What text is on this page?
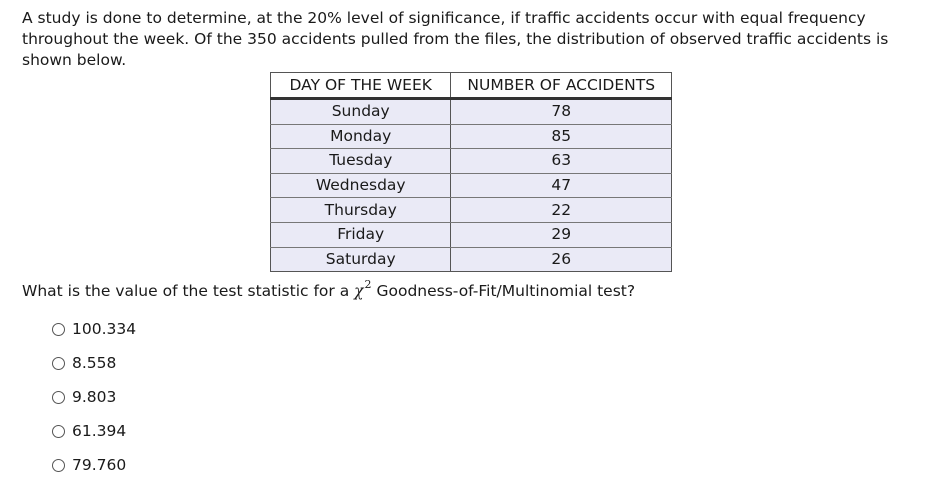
A study is done to determine, at the 20% level of significance, if traffic accidents occur with equal frequency throughout the week. Of the 350 accidents pulled from the files, the distribution of observed traffic accidents is shown below.

DAY OF THE WEEK	NUMBER OF ACCIDENTS
Sunday	78
Monday	85
Tuesday	63
Wednesday	47
Thursday	22
Friday	29
Saturday	26

What is the value of the test statistic for a $\chi^2$ Goodness-of-Fit/Multinomial test?

100.334
8.558
9.803
61.394
79.760
